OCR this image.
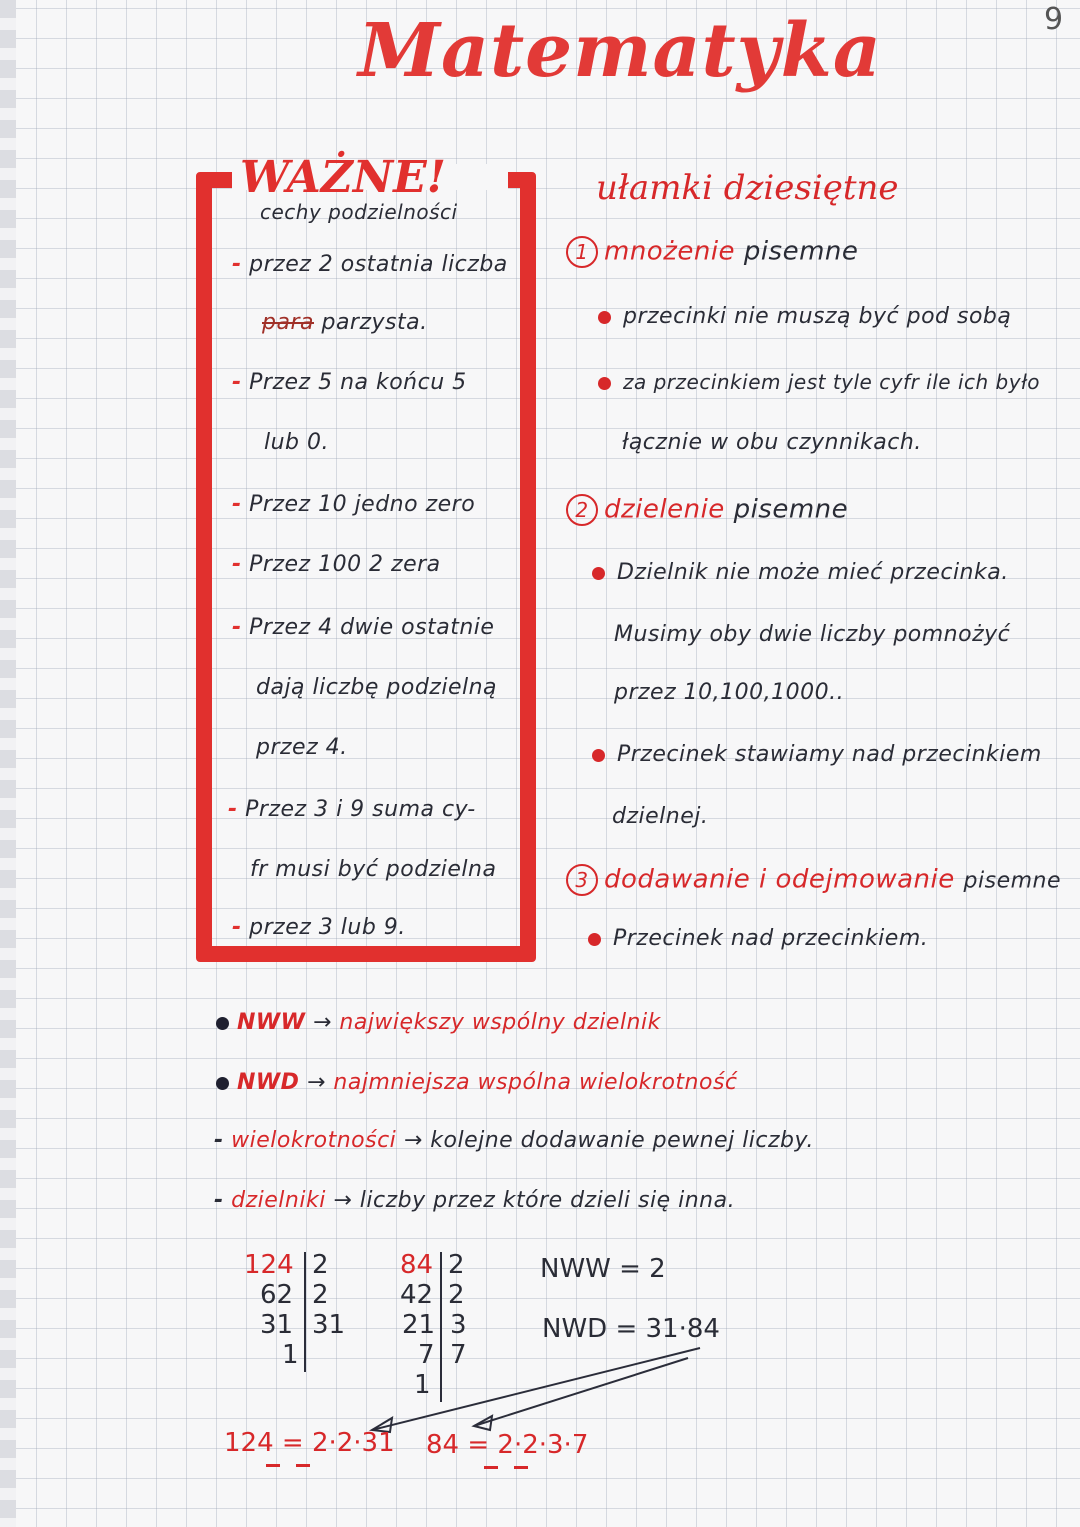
Matematyka	9
WAŻNE!
cechy podzielności
- przez 2 ostatnia liczba
para parzysta.
- Przez 5 na końcu 5
lub 0.
- Przez 10 jedno zero
- Przez 100 2 zera
- Przez 4 dwie ostatnie
dają liczbę podzielną
przez 4.
- Przez 3 i 9 suma cy-
fr musi być podzielna
- przez 3 lub 9.
ułamki dziesiętne
1 mnożenie pisemne
przecinki nie muszą być pod sobą
za przecinkiem jest tyle cyfr ile ich było
łącznie w obu czynnikach.
2 dzielenie pisemne
Dzielnik nie może mieć przecinka.
Musimy oby dwie liczby pomnożyć
przez 10,100,1000..
Przecinek stawiamy nad przecinkiem
dzielnej.
3 dodawanie i odejmowanie pisemne
Przecinek nad przecinkiem.
NWW → największy wspólny dzielnik
NWD → najmniejsza wspólna wielokrotność
- wielokrotności → kolejne dodawanie pewnej liczby.
- dzielniki → liczby przez które dzieli się inna.
124
62
31
1
2
2
31
84
42
21
7
1
2
2
3
7
NWW = 2
NWD = 31·84
124 = 2·2·31 84 = 2·2·3·7
